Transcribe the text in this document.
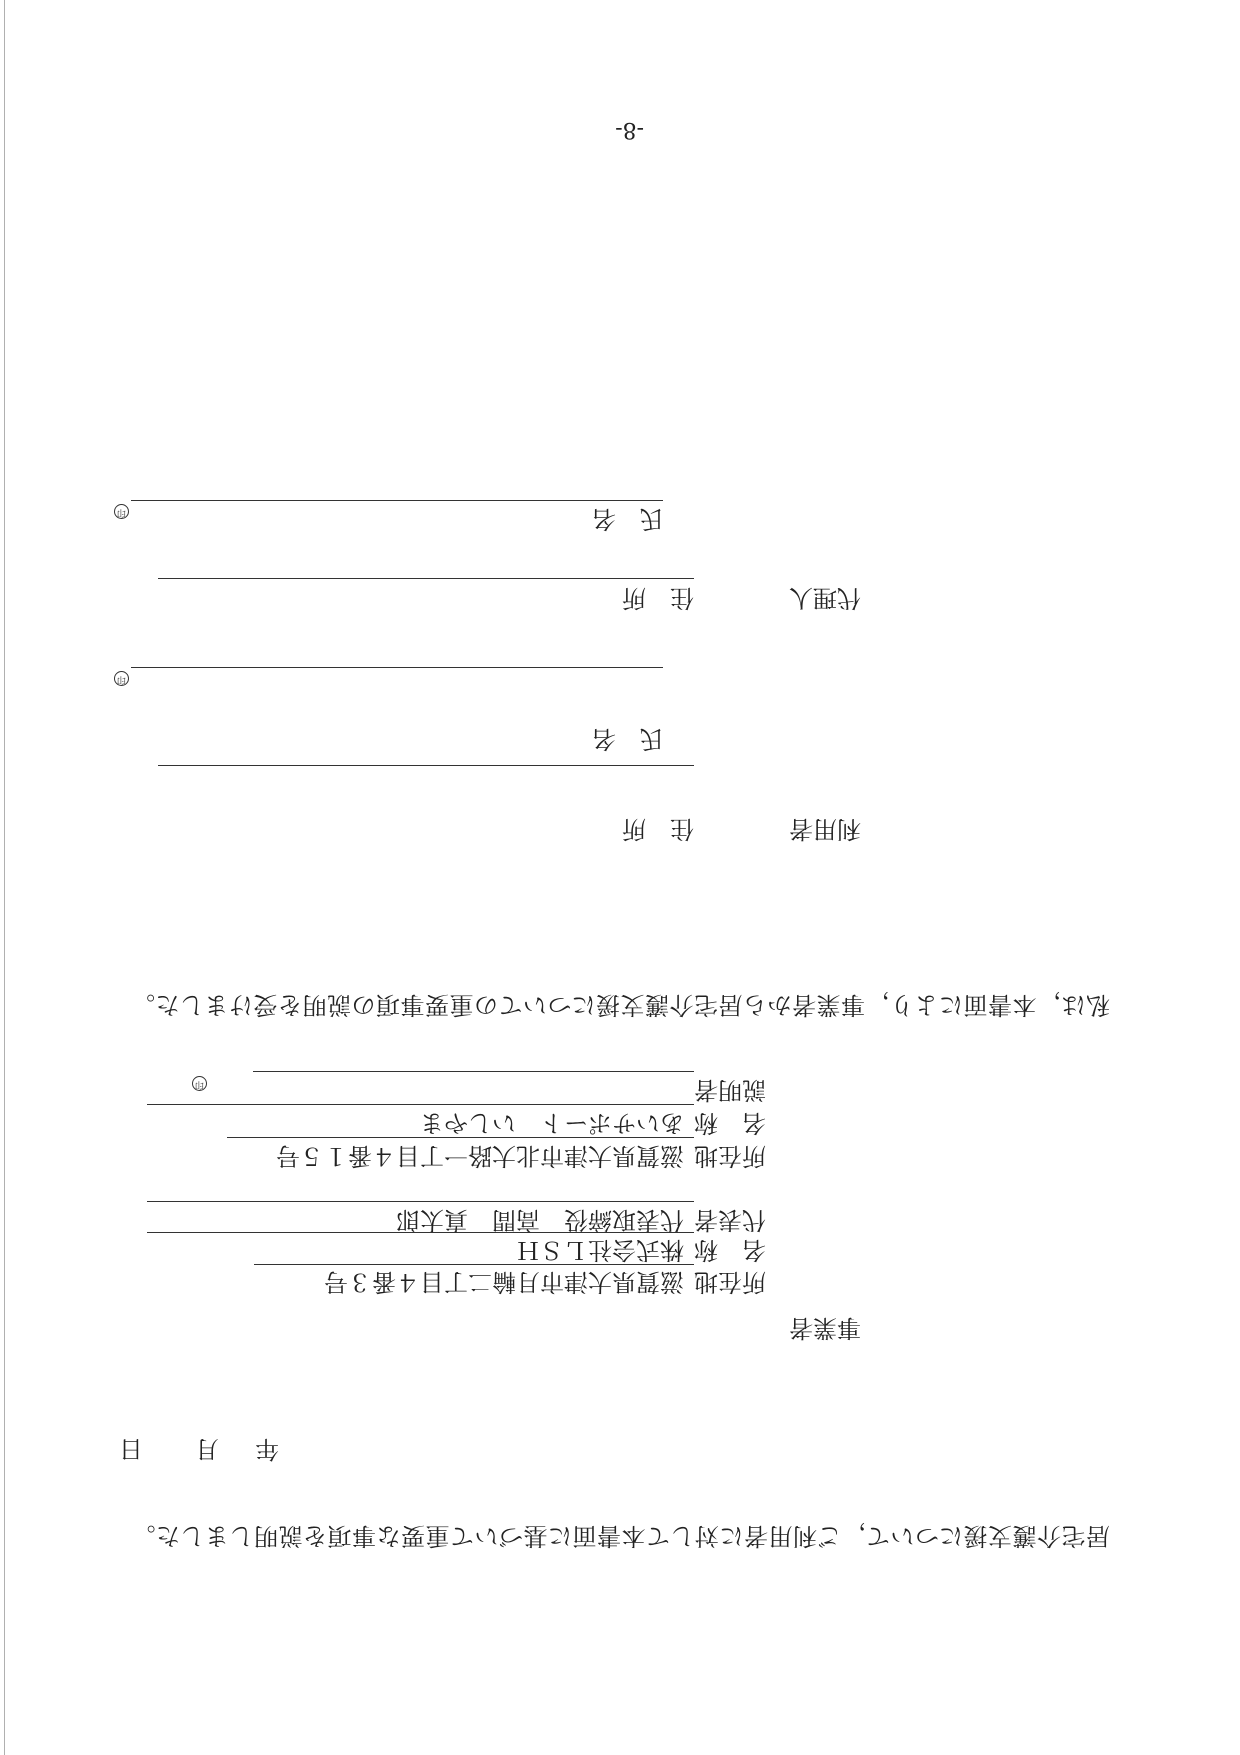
-8-
年
月
日
居宅介護支援について，ご利用者に対して本書面に基づいて重要な事項を説明しました。
事業者
所在地
滋賀県大津市月輪二丁目４番３号
名　称
株式会社ＬＳＨ
代表者
代表取締役　高間　真太郎
所在地
滋賀県大津市北大路一丁目４番１５号
名　称
あいサポート　いしやま
説明者
印
私は，本書面により，事業者から居宅介護支援についての重要事項の説明を受けました。
利用者
住　所
氏　名
印
代理人
住　所
氏　名
印
